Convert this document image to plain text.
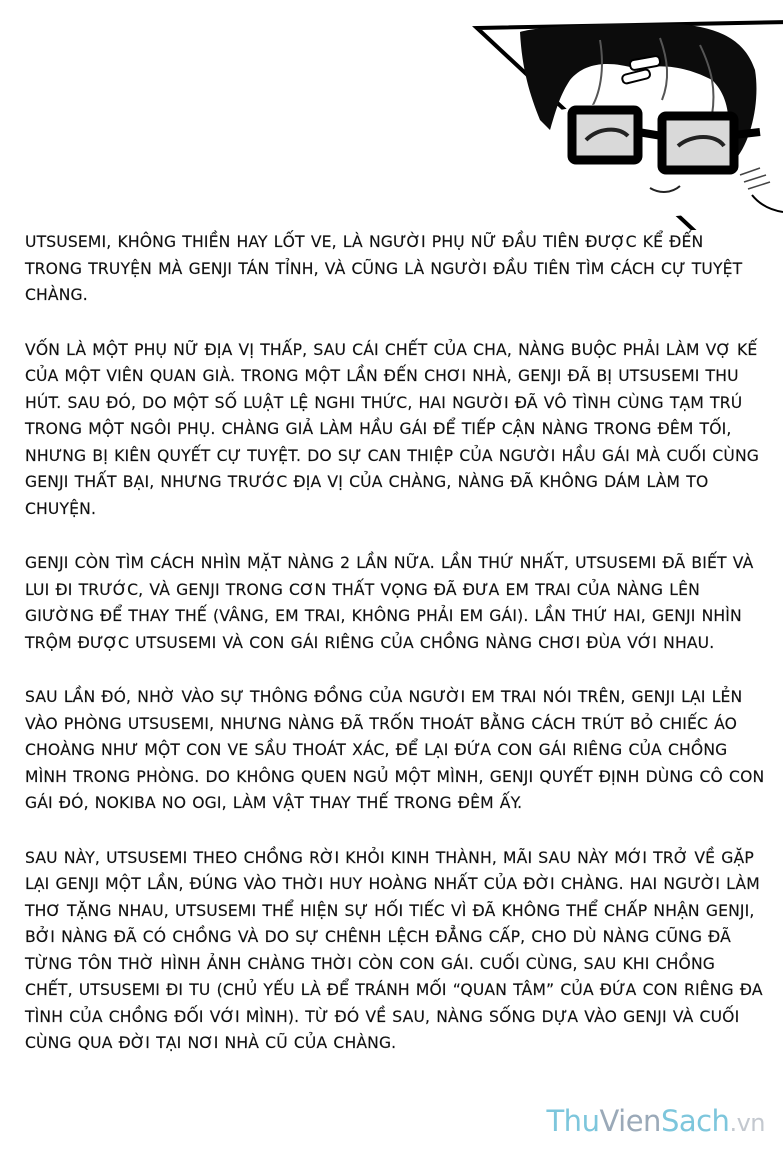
UTSUSEMI, KHÔNG THIỀN HAY LỐT VE, LÀ NGƯỜI PHỤ NỮ ĐẦU TIÊN ĐƯỢC KỂ ĐẾN TRONG TRUYỆN MÀ GENJI TÁN TỈNH, VÀ CŨNG LÀ NGƯỜI ĐẦU TIÊN TÌM CÁCH CỰ TUYỆT CHÀNG.

VỐN LÀ MỘT PHỤ NỮ ĐỊA VỊ THẤP, SAU CÁI CHẾT CỦA CHA, NÀNG BUỘC PHẢI LÀM VỢ KẾ CỦA MỘT VIÊN QUAN GIÀ. TRONG MỘT LẦN ĐẾN CHƠI NHÀ, GENJI ĐÃ BỊ UTSUSEMI THU HÚT. SAU ĐÓ, DO MỘT SỐ LUẬT LỆ NGHI THỨC, HAI NGƯỜI ĐÃ VÔ TÌNH CÙNG TẠM TRÚ TRONG MỘT NGÔI PHỤ. CHÀNG GIẢ LÀM HẦU GÁI ĐỂ TIẾP CẬN NÀNG TRONG ĐÊM TỐI, NHƯNG BỊ KIÊN QUYẾT CỰ TUYỆT. DO SỰ CAN THIỆP CỦA NGƯỜI HẦU GÁI MÀ CUỐI CÙNG GENJI THẤT BẠI, NHƯNG TRƯỚC ĐỊA VỊ CỦA CHÀNG, NÀNG ĐÃ KHÔNG DÁM LÀM TO CHUYỆN.

GENJI CÒN TÌM CÁCH NHÌN MẶT NÀNG 2 LẦN NỮA. LẦN THỨ NHẤT, UTSUSEMI ĐÃ BIẾT VÀ LUI ĐI TRƯỚC, VÀ GENJI TRONG CƠN THẤT VỌNG ĐÃ ĐƯA EM TRAI CỦA NÀNG LÊN GIƯỜNG ĐỂ THAY THẾ (VÂNG, EM TRAI, KHÔNG PHẢI EM GÁI). LẦN THỨ HAI, GENJI NHÌN TRỘM ĐƯỢC UTSUSEMI VÀ CON GÁI RIÊNG CỦA CHỒNG NÀNG CHƠI ĐÙA VỚI NHAU.

SAU LẦN ĐÓ, NHỜ VÀO SỰ THÔNG ĐỒNG CỦA NGƯỜI EM TRAI NÓI TRÊN, GENJI LẠI LẺN VÀO PHÒNG UTSUSEMI, NHƯNG NÀNG ĐÃ TRỐN THOÁT BẰNG CÁCH TRÚT BỎ CHIẾC ÁO CHOÀNG NHƯ MỘT CON VE SẦU THOÁT XÁC, ĐỂ LẠI ĐỨA CON GÁI RIÊNG CỦA CHỒNG MÌNH TRONG PHÒNG. DO KHÔNG QUEN NGỦ MỘT MÌNH, GENJI QUYẾT ĐỊNH DÙNG CÔ CON GÁI ĐÓ, NOKIBA NO OGI, LÀM VẬT THAY THẾ TRONG ĐÊM ẤY.

SAU NÀY, UTSUSEMI THEO CHỒNG RỜI KHỎI KINH THÀNH, MÃI SAU NÀY MỚI TRỞ VỀ GẶP LẠI GENJI MỘT LẦN, ĐÚNG VÀO THỜI HUY HOÀNG NHẤT CỦA ĐỜI CHÀNG. HAI NGƯỜI LÀM THƠ TẶNG NHAU, UTSUSEMI THỂ HIỆN SỰ HỐI TIẾC VÌ ĐÃ KHÔNG THỂ CHẤP NHẬN GENJI, BỞI NÀNG ĐÃ CÓ CHỒNG VÀ DO SỰ CHÊNH LỆCH ĐẲNG CẤP, CHO DÙ NÀNG CŨNG ĐÃ TỪNG TÔN THỜ HÌNH ẢNH CHÀNG THỜI CÒN CON GÁI. CUỐI CÙNG, SAU KHI CHỒNG CHẾT, UTSUSEMI ĐI TU (CHỦ YẾU LÀ ĐỂ TRÁNH MỐI “QUAN TÂM” CỦA ĐỨA CON RIÊNG ĐA TÌNH CỦA CHỒNG ĐỐI VỚI MÌNH). TỪ ĐÓ VỀ SAU, NÀNG SỐNG DỰA VÀO GENJI VÀ CUỐI CÙNG QUA ĐỜI TẠI NƠI NHÀ CŨ CỦA CHÀNG.

ThuVienSach.vn
